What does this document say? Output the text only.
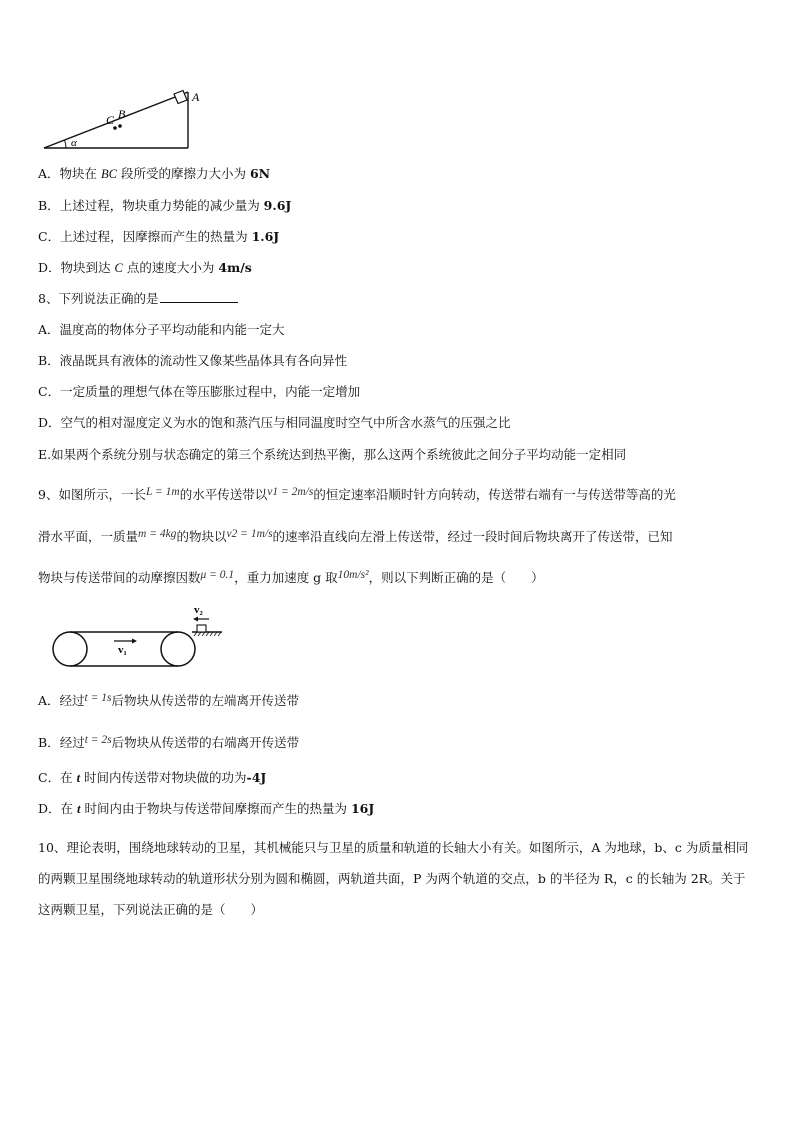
A
B
C
α
A．物块在 BC 段所受的摩擦力大小为 6N
B．上述过程，物块重力势能的减少量为 9.6J
C．上述过程，因摩擦而产生的热量为 1.6J
D．物块到达 C 点的速度大小为 4m/s
8、下列说法正确的是
A．温度高的物体分子平均动能和内能一定大
B．液晶既具有液体的流动性又像某些晶体具有各向异性
C．一定质量的理想气体在等压膨胀过程中，内能一定增加
D．空气的相对湿度定义为水的饱和蒸汽压与相同温度时空气中所含水蒸气的压强之比
E.如果两个系统分别与状态确定的第三个系统达到热平衡，那么这两个系统彼此之间分子平均动能一定相同
9、如图所示，一长L = 1m的水平传送带以v1 = 2m/s的恒定速率沿顺时针方向转动，传送带右端有一与传送带等高的光
滑水平面，一质量m = 4kg的物块以v2 = 1m/s的速率沿直线向左滑上传送带，经过一段时间后物块离开了传送带，已知
物块与传送带间的动摩擦因数μ = 0.1，重力加速度 g 取10m/s²，则以下判断正确的是（　　）
v₁
v₂
A．经过t = 1s后物块从传送带的左端离开传送带
B．经过t = 2s后物块从传送带的右端离开传送带
C．在 t 时间内传送带对物块做的功为-4J
D．在 t 时间内由于物块与传送带间摩擦而产生的热量为 16J
10、理论表明，围绕地球转动的卫星，其机械能只与卫星的质量和轨道的长轴大小有关。如图所示，A 为地球，b、c 为质量相同的两颗卫星围绕地球转动的轨道形状分别为圆和椭圆，两轨道共面，P 为两个轨道的交点，b 的半径为 R，c 的长轴为 2R。关于这两颗卫星，下列说法正确的是（　　）
